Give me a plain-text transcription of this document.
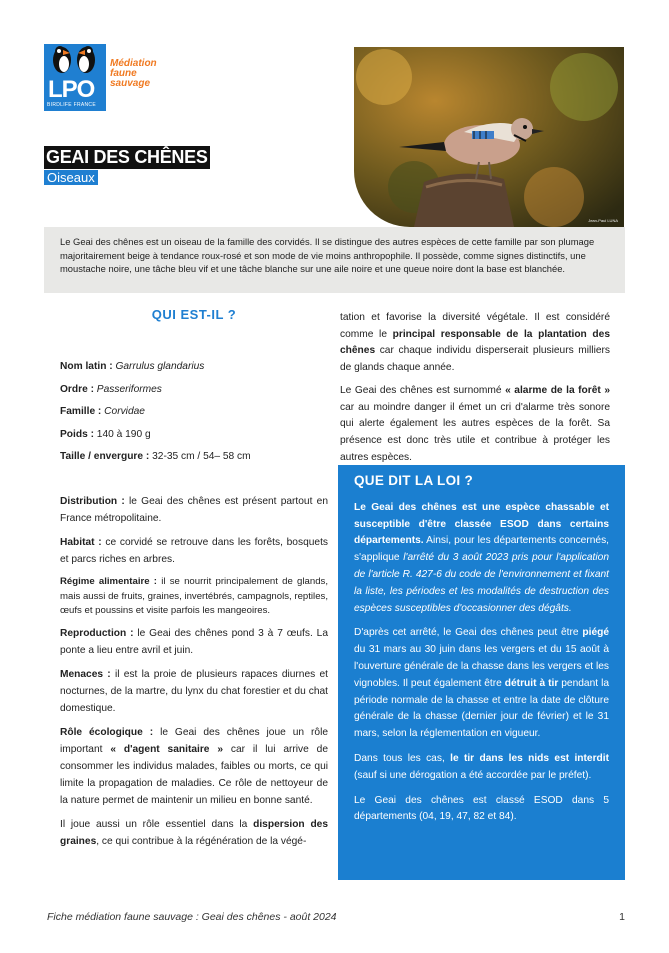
LPO
BIRDLIFE FRANCE
Médiation
faune
sauvage
Jean-Paul LUNA
GEAI DES CHÊNES
Oiseaux
Le Geai des chênes est un oiseau de la famille des corvidés. Il se distingue des autres espèces de cette famille par son plumage majoritairement beige à tendance roux-rosé et son mode de vie moins anthropophile. Il possède, comme signes distinctifs, une moustache noire, une tâche bleu vif et une tâche blanche sur une aile noire et une queue noire dont la base est blanchée.
QUI EST-IL ?

Nom latin : Garrulus glandarius

Ordre : Passeriformes

Famille : Corvidae

Poids : 140 à 190 g

Taille / envergure : 32-35 cm / 54– 58 cm

Distribution : le Geai des chênes est présent partout en France métropolitaine.

Habitat : ce corvidé se retrouve dans les forêts, bosquets et parcs riches en arbres.

Régime alimentaire : il se nourrit principalement de glands, mais aussi de fruits, graines, invertébrés, campagnols, reptiles, œufs et poussins et visite parfois les mangeoires.

Reproduction : le Geai des chênes pond 3 à 7 œufs. La ponte a lieu entre avril et juin.

Menaces : il est la proie de plusieurs rapaces diurnes et nocturnes, de la martre, du lynx du chat forestier et du chat domestique.

Rôle écologique : le Geai des chênes joue un rôle important « d'agent sanitaire » car il lui arrive de consommer les individus malades, faibles ou morts, ce qui limite la propagation de maladies. Ce rôle de nettoyeur de la nature permet de maintenir un milieu en bonne santé.

Il joue aussi un rôle essentiel dans la dispersion des graines, ce qui contribue à la régénération de la végé-

tation et favorise la diversité végétale. Il est considéré comme le principal responsable de la plantation des chênes car chaque individu disperserait plusieurs milliers de glands chaque année.

Le Geai des chênes est surnommé « alarme de la forêt » car au moindre danger il émet un cri d'alarme très sonore qui alerte également les autres espèces de la forêt. Sa présence est donc très utile et contribue à protéger les autres espèces.

QUE DIT LA LOI ?

Le Geai des chênes est une espèce chassable et susceptible d'être classée ESOD dans certains départements. Ainsi, pour les départements concernés, s'applique l'arrêté du 3 août 2023 pris pour l'application de l'article R. 427-6 du code de l'environnement et fixant la liste, les périodes et les modalités de destruction des espèces susceptibles d'occasionner des dégâts.

D'après cet arrêté, le Geai des chênes peut être piégé du 31 mars au 30 juin dans les vergers et du 15 août à l'ouverture générale de la chasse dans les vergers et les vignobles. Il peut également être détruit à tir pendant la période normale de la chasse et entre la date de clôture générale de la chasse (dernier jour de février) et le 31 mars, selon la réglementation en vigueur.

Dans tous les cas, le tir dans les nids est interdit (sauf si une dérogation a été accordée par le préfet).

Le Geai des chênes est classé ESOD dans 5 départements (04, 19, 47, 82 et 84).

Fiche médiation faune sauvage : Geai des chênes - août 2024	1
